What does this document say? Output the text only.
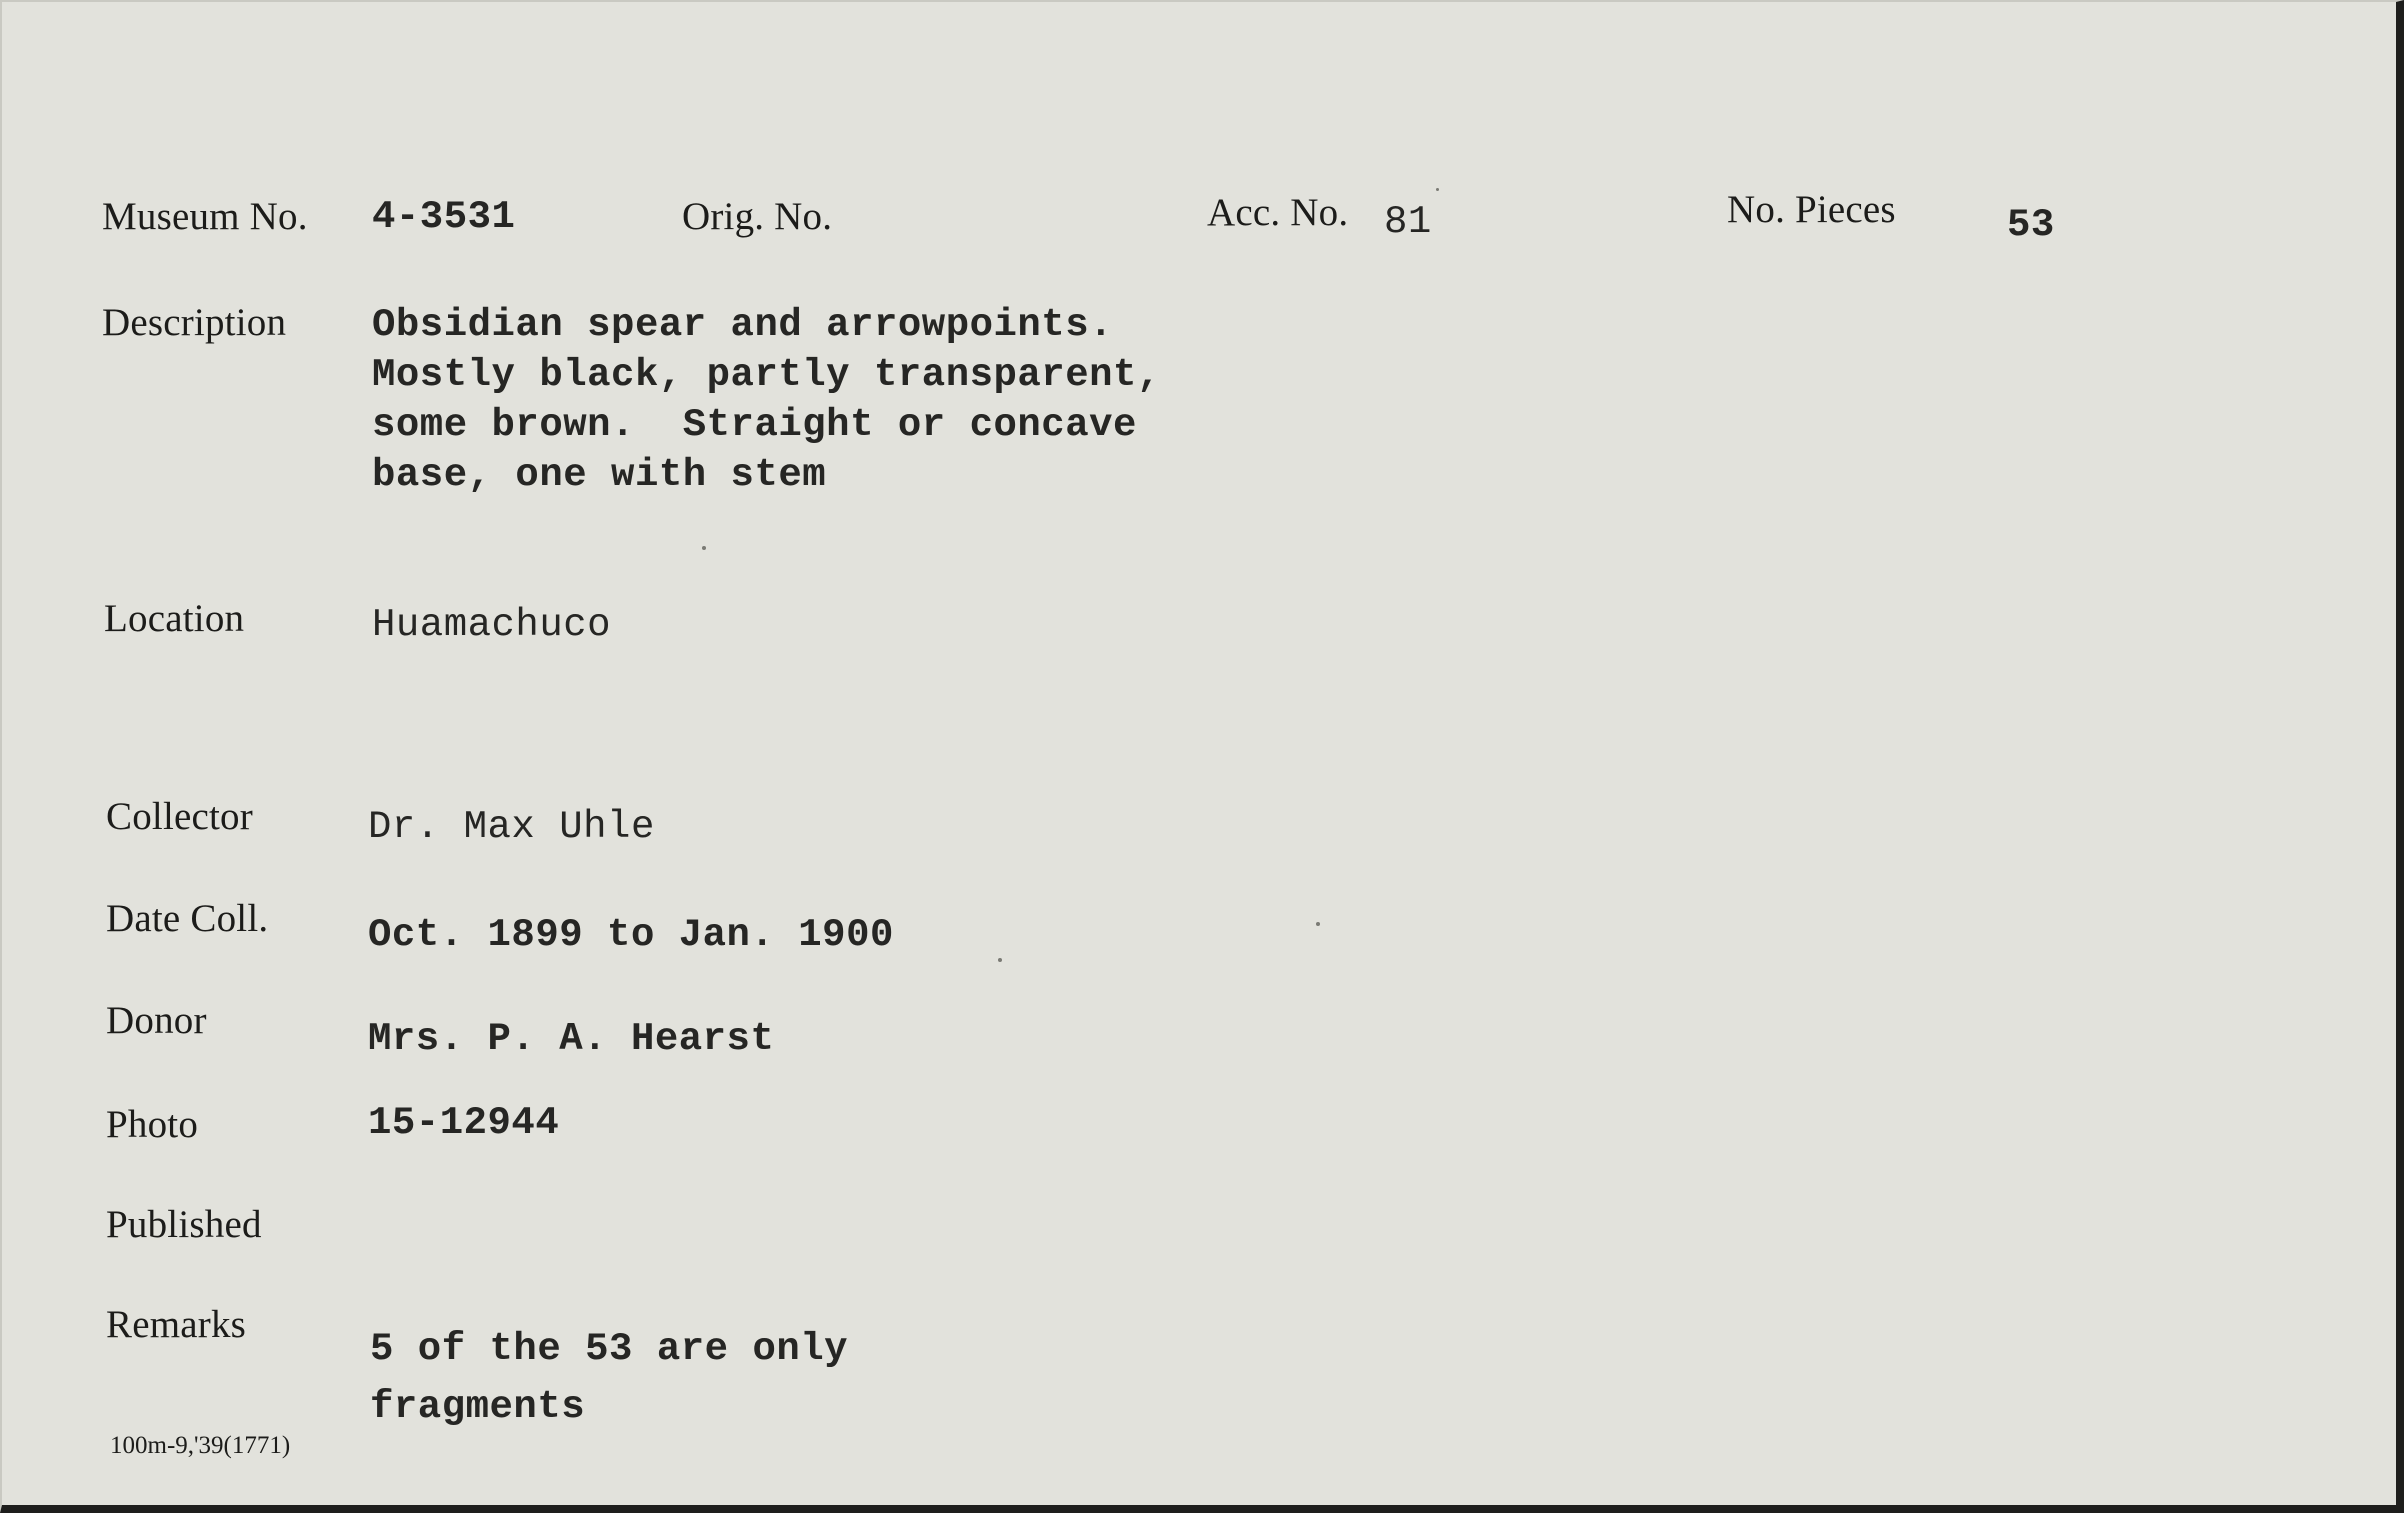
Museum No. 4-3531	Orig. No.	Acc. No. 81	No. Pieces	53
Description Obsidian spear and arrowpoints.
Mostly black, partly transparent,
some brown.  Straight or concave
base, one with stem
Location	Huamachuco
Collector	Dr. Max Uhle
Date Coll.	Oct. 1899 to Jan. 1900
Donor	Mrs. P. A. Hearst
Photo	15-12944
Published
Remarks
5 of the 53 are only
fragments
100m-9,'39(1771)
